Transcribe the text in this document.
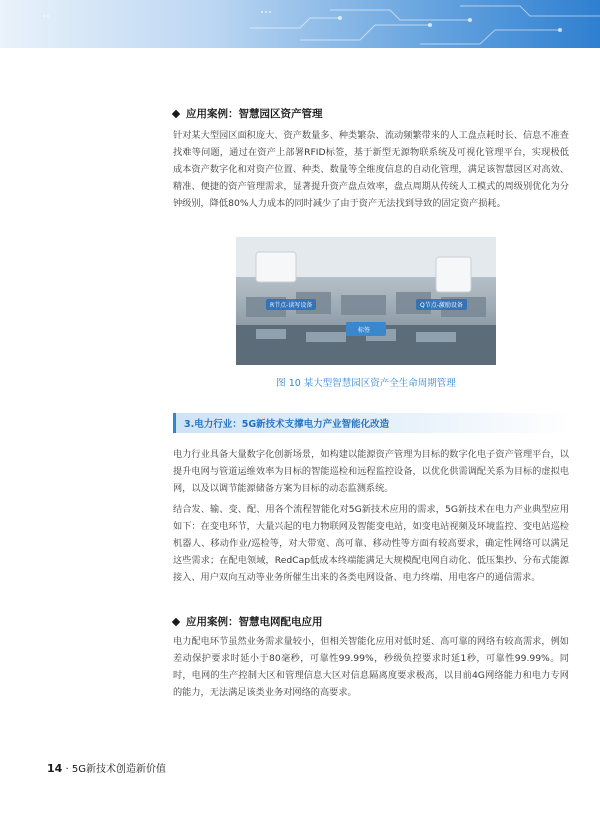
应用案例：智慧园区资产管理

针对某大型园区面积庞大、资产数量多、种类繁杂、流动频繁带来的人工盘点耗时长、信息不准查找难等问题，通过在资产上部署RFID标签，基于新型无源物联系统及可视化管理平台，实现极低成本资产数字化和对资产位置、种类、数量等全维度信息的自动化管理，满足该智慧园区对高效、精准、便捷的资产管理需求，显著提升资产盘点效率，盘点周期从传统人工模式的周级别优化为分钟级别，降低80%人力成本的同时减少了由于资产无法找到导致的固定资产损耗。

R节点-读写设备	Q节点-激励设备
标签
图 10 某大型智慧园区资产全生命周期管理
3.电力行业：5G新技术支撑电力产业智能化改造

电力行业具备大量数字化创新场景，如构建以能源资产管理为目标的数字化电子资产管理平台，以提升电网与管道运维效率为目标的智能巡检和远程监控设备，以优化供需调配关系为目标的虚拟电网，以及以调节能源储备方案为目标的动态监测系统。

结合发、输、变、配、用各个流程智能化对5G新技术应用的需求，5G新技术在电力产业典型应用如下：在变电环节，大量兴起的电力物联网及智能变电站，如变电站视频及环境监控、变电站巡检机器人、移动作业/巡检等，对大带宽、高可靠、移动性等方面有较高要求，确定性网络可以满足这些需求；在配电领域，RedCap低成本终端能满足大规模配电网自动化、低压集抄、分布式能源接入、用户双向互动等业务所催生出来的各类电网设备、电力终端、用电客户的通信需求。

应用案例：智慧电网配电应用

电力配电环节虽然业务需求量较小，但相关智能化应用对低时延、高可靠的网络有较高需求，例如差动保护要求时延小于80毫秒，可靠性99.99%，秒级负控要求时延1秒，可靠性99.99%。同时，电网的生产控制大区和管理信息大区对信息隔离度要求极高，以目前4G网络能力和电力专网的能力，无法满足该类业务对网络的高要求。

14 · 5G新技术创造新价值
